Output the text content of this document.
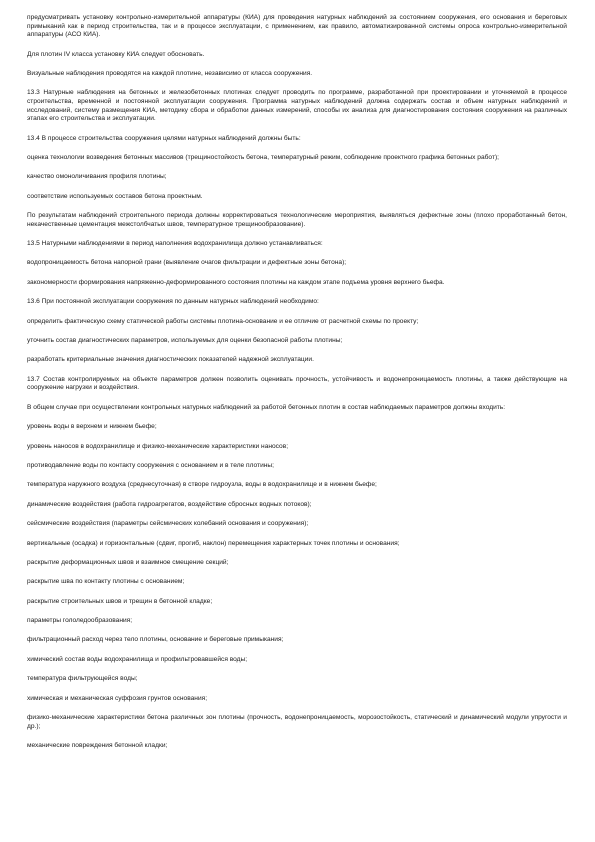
предусматривать установку контрольно-измерительной аппаратуры (КИА) для проведения натурных наблюдений за состоянием сооружения, его основания и береговых примыканий как в период строительства, так и в процессе эксплуатации, с применением, как правило, автоматизированной системы опроса контрольно-измерительной аппаратуры (АСО КИА).

Для плотин IV класса установку КИА следует обосновать.

Визуальные наблюдения проводятся на каждой плотине, независимо от класса сооружения.

13.3 Натурные наблюдения на бетонных и железобетонных плотинах следует проводить по программе, разработанной при проектировании и уточняемой в процессе строительства, временной и постоянной эксплуатации сооружения. Программа натурных наблюдений должна содержать состав и объем натурных наблюдений и исследований, систему размещения КИА, методику сбора и обработки данных измерений, способы их анализа для диагностирования состояния сооружения на различных этапах его строительства и эксплуатации.

13.4 В процессе строительства сооружения целями натурных наблюдений должны быть:

оценка технологии возведения бетонных массивов (трещиностойкость бетона, температурный режим, соблюдение проектного графика бетонных работ);

качество омоноличивания профиля плотины;

соответствие используемых составов бетона проектным.

По результатам наблюдений строительного периода должны корректироваться технологические мероприятия, выявляться дефектные зоны (плохо проработанный бетон, некачественные цементация межстолбчатых швов, температурное трещинообразование).

13.5 Натурными наблюдениями в период наполнения водохранилища должно устанавливаться:

водопроницаемость бетона напорной грани (выявление очагов фильтрации и дефектные зоны бетона);

закономерности формирования напряженно-деформированного состояния плотины на каждом этапе подъема уровня верхнего бьефа.

13.6 При постоянной эксплуатации сооружения по данным натурных наблюдений необходимо:

определить фактическую схему статической работы системы плотина-основание и ее отличие от расчетной схемы по проекту;

уточнить состав диагностических параметров, используемых для оценки безопасной работы плотины;

разработать критериальные значения диагностических показателей надежной эксплуатации.

13.7 Состав контролируемых на объекте параметров должен позволить оценивать прочность, устойчивость и водонепроницаемость плотины, а также действующие на сооружение нагрузки и воздействия.

В общем случае при осуществлении контрольных натурных наблюдений за работой бетонных плотин в состав наблюдаемых параметров должны входить:

уровень воды в верхнем и нижнем бьефе;

уровень наносов в водохранилище и физико-механические характеристики наносов;

противодавление воды по контакту сооружения с основанием и в теле плотины;

температура наружного воздуха (среднесуточная) в створе гидроузла, воды в водохранилище и в нижнем бьефе;

динамические воздействия (работа гидроагрегатов, воздействие сбросных водных потоков);

сейсмические воздействия (параметры сейсмических колебаний основания и сооружения);

вертикальные (осадка) и горизонтальные (сдвиг, прогиб, наклон) перемещения характерных точек плотины и основания;

раскрытие деформационных швов и взаимное смещение секций;

раскрытие шва по контакту плотины с основанием;

раскрытие строительных швов и трещин в бетонной кладке;

параметры гололедообразования;

фильтрационный расход через тело плотины, основание и береговые примыкания;

химический состав воды водохранилища и профильтровавшейся воды;

температура фильтрующейся воды;

химическая и механическая суффозия грунтов основания;

физико-механические характеристики бетона различных зон плотины (прочность, водонепроницаемость, морозостойкость, статический и динамический модули упругости и др.);

механические повреждения бетонной кладки;
